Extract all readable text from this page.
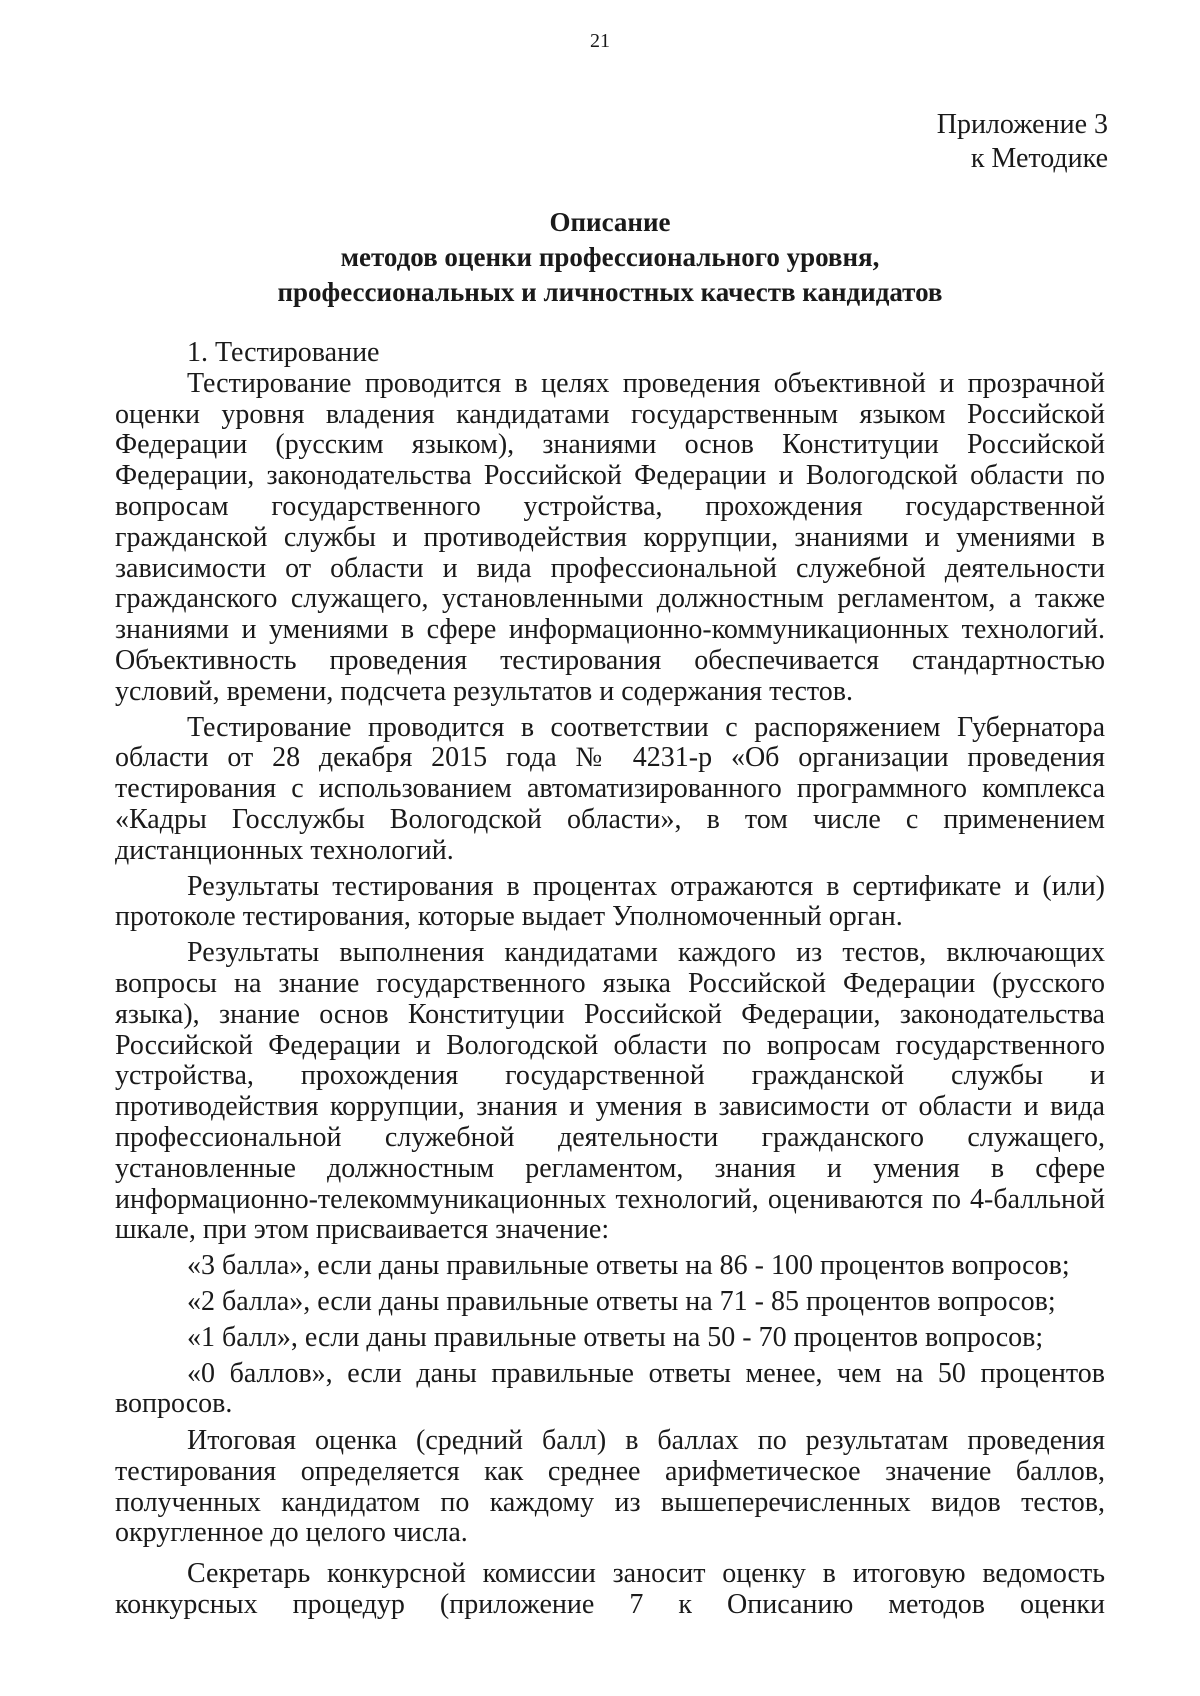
21
Приложение 3
к Методике
Описание
методов оценки профессионального уровня,
профессиональных и личностных качеств кандидатов

1. Тестирование

Тестирование проводится в целях проведения объективной и прозрачной оценки уровня владения кандидатами государственным языком Российской Федерации (русским языком), знаниями основ Конституции Российской Федерации, законодательства Российской Федерации и Вологодской области по вопросам государственного устройства, прохождения государственной гражданской службы и противодействия коррупции, знаниями и умениями в зависимости от области и вида профессиональной служебной деятельности гражданского служащего, установленными должностным регламентом, а также знаниями и умениями в сфере информационно-коммуникационных технологий. Объективность проведения тестирования обеспечивается стандартностью условий, времени, подсчета результатов и содержания тестов.

Тестирование проводится в соответствии с распоряжением Губернатора области от 28 декабря 2015 года № 4231-р «Об организации проведения тестирования с использованием автоматизированного программного комплекса «Кадры Госслужбы Вологодской области», в том числе с применением дистанционных технологий.

Результаты тестирования в процентах отражаются в сертификате и (или) протоколе тестирования, которые выдает Уполномоченный орган.

Результаты выполнения кандидатами каждого из тестов, включающих вопросы на знание государственного языка Российской Федерации (русского языка), знание основ Конституции Российской Федерации, законодательства Российской Федерации и Вологодской области по вопросам государственного устройства, прохождения государственной гражданской службы и противодействия коррупции, знания и умения в зависимости от области и вида профессиональной служебной деятельности гражданского служащего, установленные должностным регламентом, знания и умения в сфере информационно-телекоммуникационных технологий, оцениваются по 4-балльной шкале, при этом присваивается значение:

«3 балла», если даны правильные ответы на 86 - 100 процентов вопросов;

«2 балла», если даны правильные ответы на 71 - 85 процентов вопросов;

«1 балл», если даны правильные ответы на 50 - 70 процентов вопросов;

«0 баллов», если даны правильные ответы менее, чем на 50 процентов вопросов.

Итоговая оценка (средний балл) в баллах по результатам проведения тестирования определяется как среднее арифметическое значение баллов, полученных кандидатом по каждому из вышеперечисленных видов тестов, округленное до целого числа.

Секретарь конкурсной комиссии заносит оценку в итоговую ведомость конкурсных процедур (приложение 7 к Описанию методов оценки
